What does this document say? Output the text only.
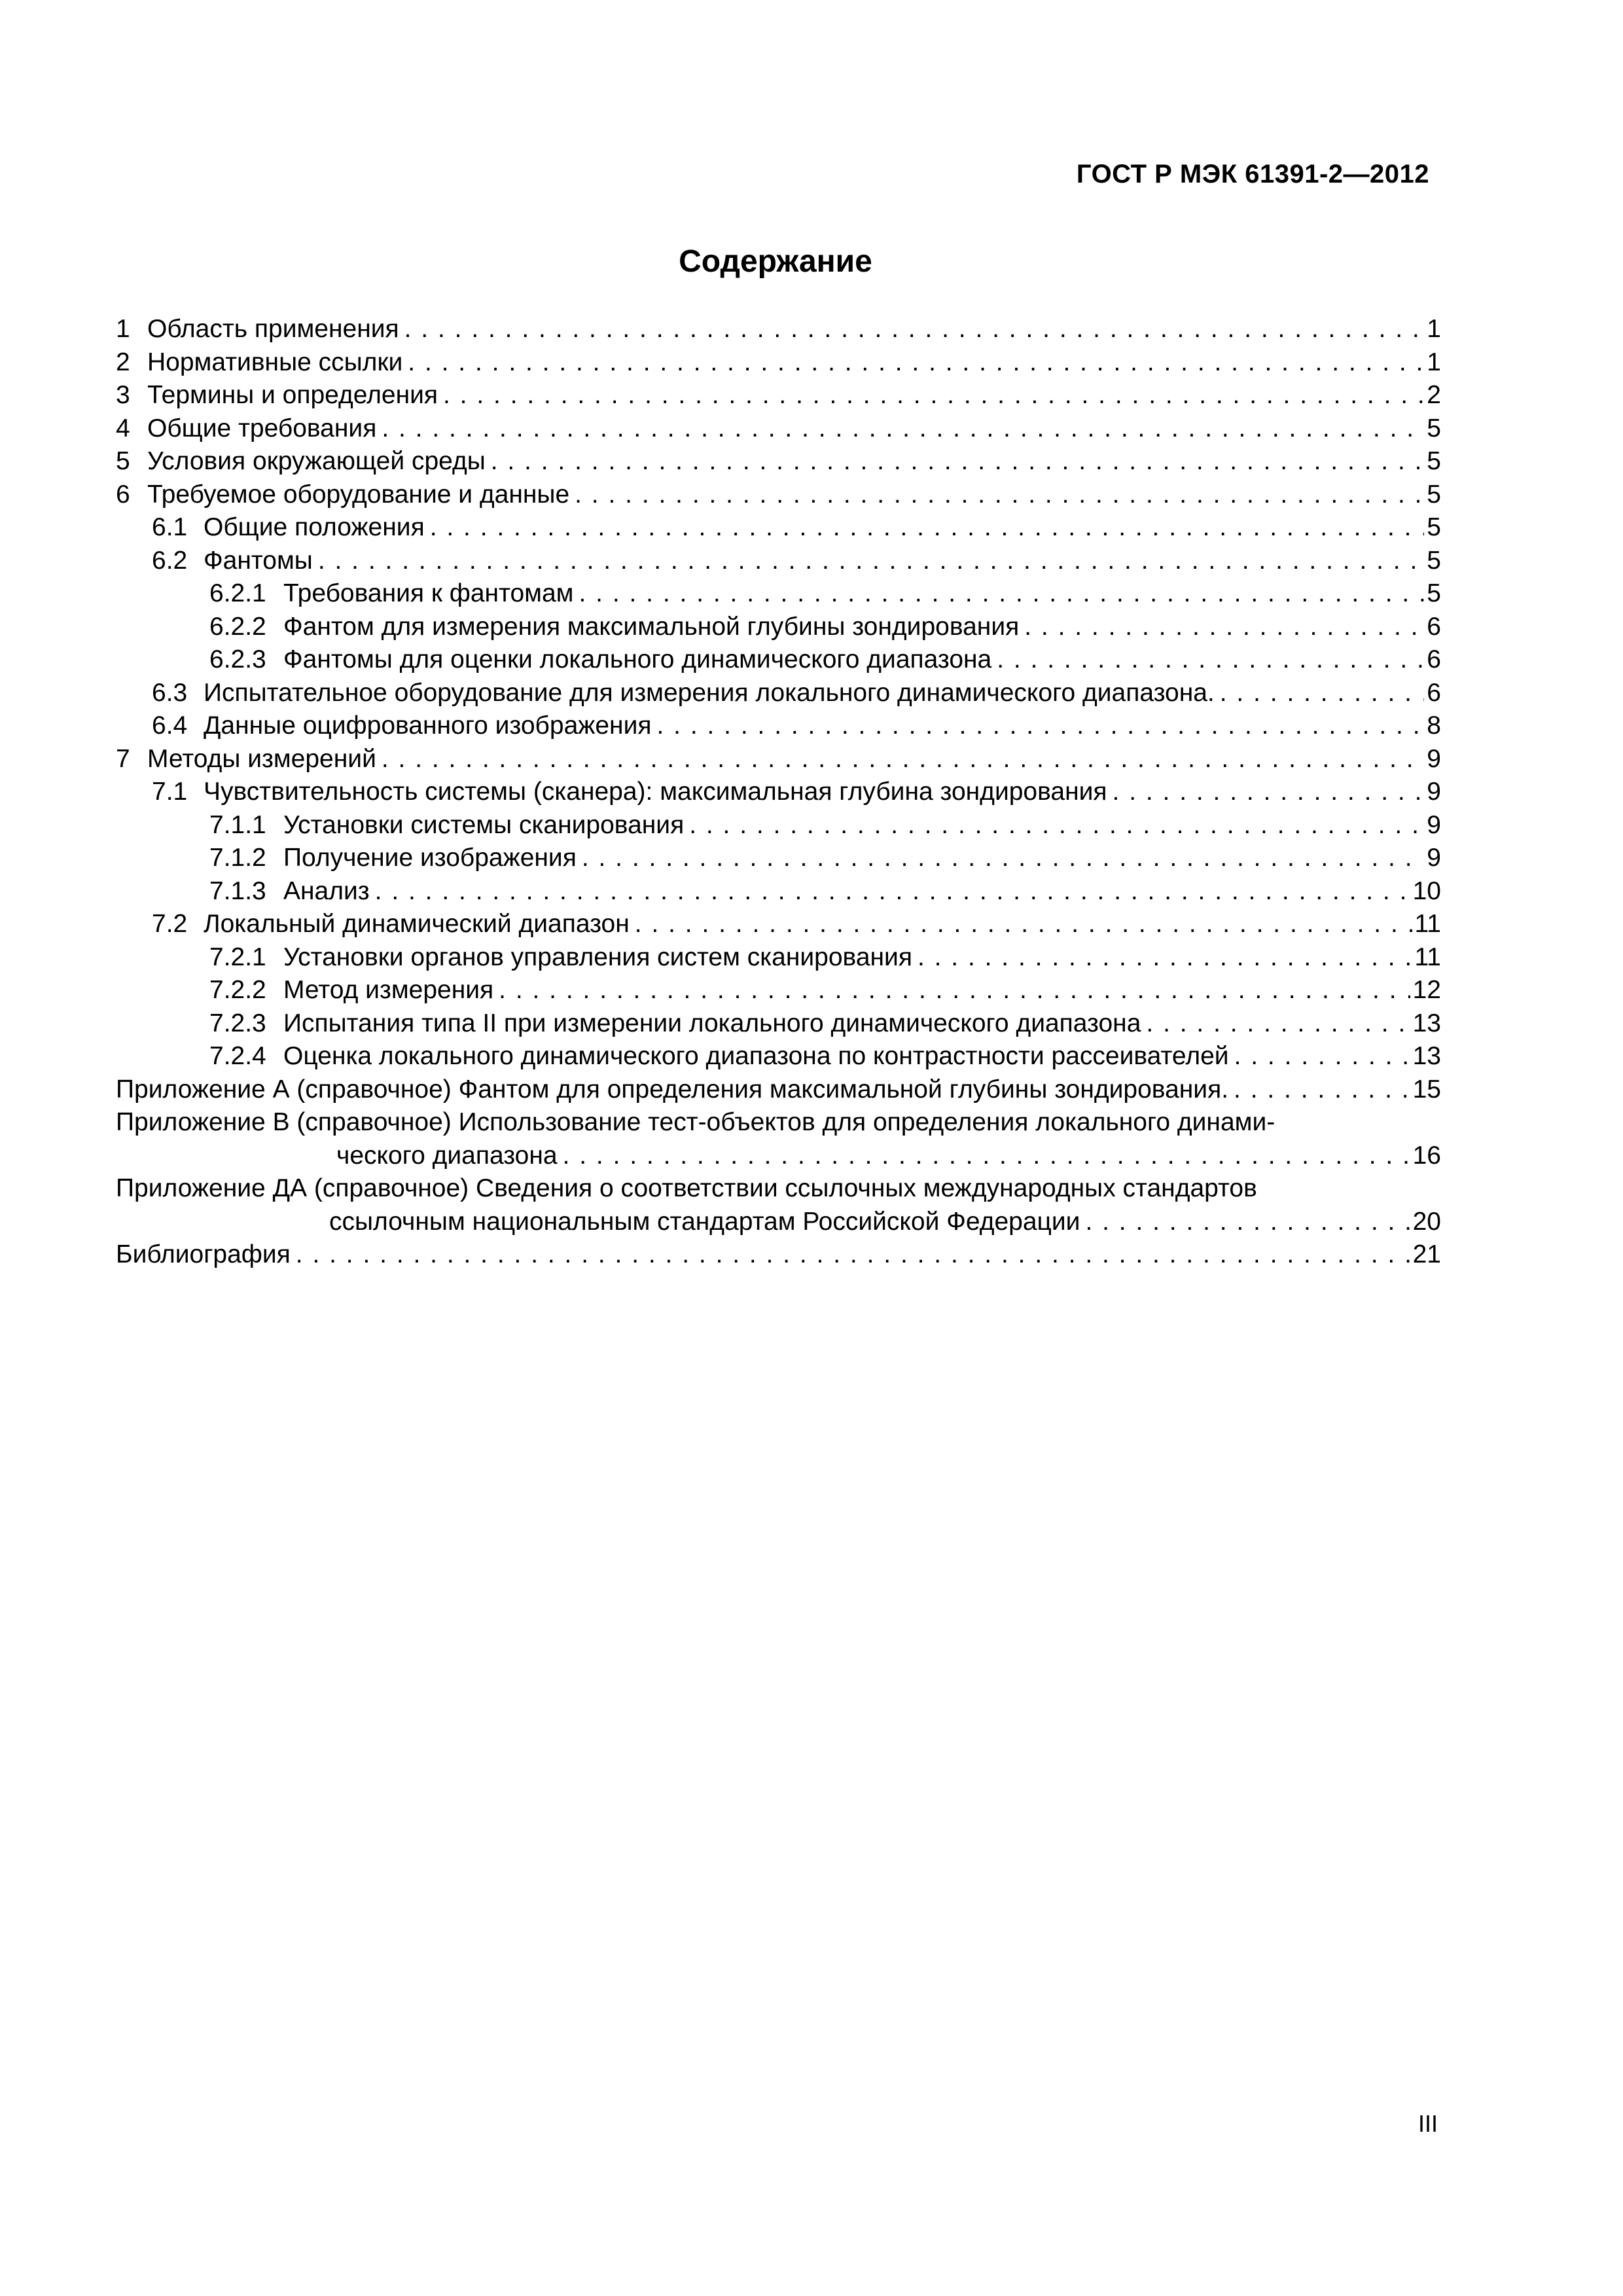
ГОСТ Р МЭК 61391-2—2012
Содержание
1 Область применения . . .	1
2 Нормативные ссылки . . .	1
3 Термины и определения . . .	2
4 Общие требования . . .	5
5 Условия окружающей среды . . .	5
6 Требуемое оборудование и данные . . .	5
6.1 Общие положения . . .	5
6.2 Фантомы . . .	5
6.2.1 Требования к фантомам . . .	5
6.2.2 Фантом для измерения максимальной глубины зондирования . . .	6
6.2.3 Фантомы для оценки локального динамического диапазона . . .	6
6.3 Испытательное оборудование для измерения локального динамического диапазона. . . .	6
6.4 Данные оцифрованного изображения . . .	8
7 Методы измерений . . .	9
7.1 Чувствительность системы (сканера): максимальная глубина зондирования . . .	9
7.1.1 Установки системы сканирования . . .	9
7.1.2 Получение изображения . . .	9
7.1.3 Анализ . . .	10
7.2 Локальный динамический диапазон . . .	11
7.2.1 Установки органов управления систем сканирования . . .	11
7.2.2 Метод измерения . . .	12
7.2.3 Испытания типа II при измерении локального динамического диапазона . . .	13
7.2.4 Оценка локального динамического диапазона по контрастности рассеивателей . . .	13
Приложение А (справочное) Фантом для определения максимальной глубины зондирования. . . .	15
Приложение В (справочное) Использование тест-объектов для определения локального динами-
ческого диапазона . . .	16
Приложение ДА (справочное) Сведения о соответствии ссылочных международных стандартов
ссылочным национальным стандартам Российской Федерации . . .	20
Библиография . . .	21
III
